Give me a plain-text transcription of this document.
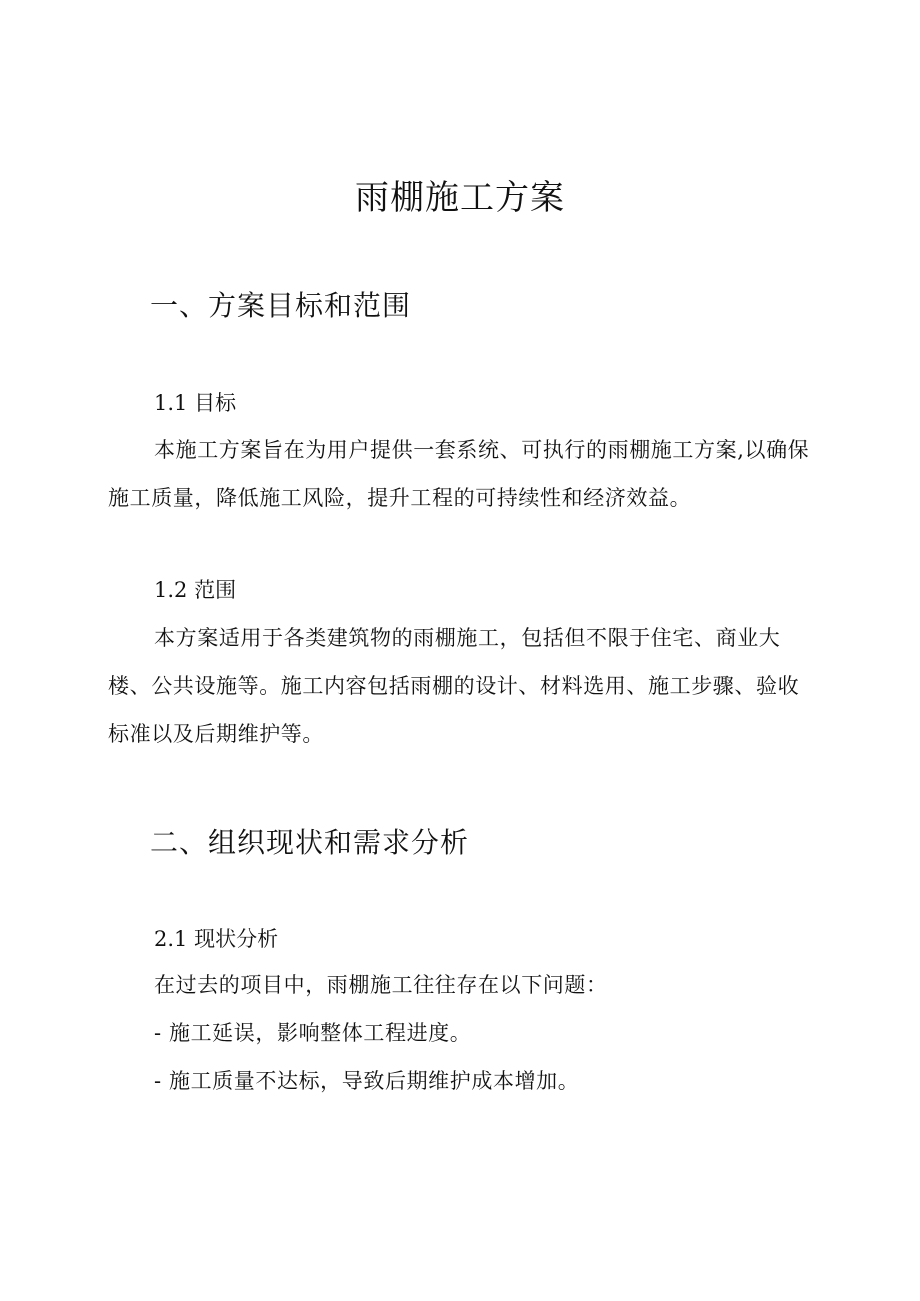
雨棚施工方案
一、方案目标和范围
1.1 目标

本施工方案旨在为用户提供一套系统、可执行的雨棚施工方案,以确保施工质量，降低施工风险，提升工程的可持续性和经济效益。

1.2 范围

本方案适用于各类建筑物的雨棚施工，包括但不限于住宅、商业大楼、公共设施等。施工内容包括雨棚的设计、材料选用、施工步骤、验收标准以及后期维护等。

二、组织现状和需求分析
2.1 现状分析
在过去的项目中，雨棚施工往往存在以下问题：
- 施工延误，影响整体工程进度。
- 施工质量不达标，导致后期维护成本增加。
